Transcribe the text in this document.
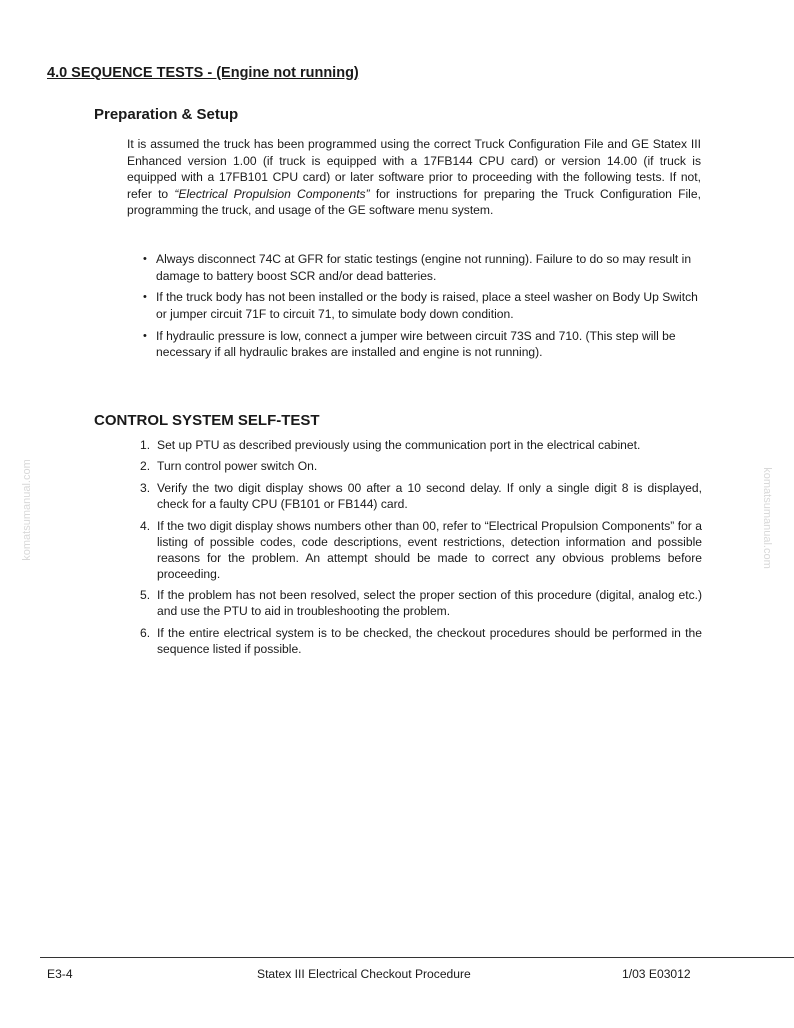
4.0 SEQUENCE TESTS - (Engine not running)
Preparation & Setup
It is assumed the truck has been programmed using the correct Truck Configuration File and GE Statex III Enhanced version 1.00 (if truck is equipped with a 17FB144 CPU card) or version 14.00 (if truck is equipped with a 17FB101 CPU card) or later software prior to proceeding with the following tests. If not, refer to “Electrical Propulsion Components” for instructions for preparing the Truck Configuration File, programming the truck, and usage of the GE software menu system.
• Always disconnect 74C at GFR for static testings (engine not running). Failure to do so may result in damage to battery boost SCR and/or dead batteries.
• If the truck body has not been installed or the body is raised, place a steel washer on Body Up Switch or jumper circuit 71F to circuit 71, to simulate body down condition.
• If hydraulic pressure is low, connect a jumper wire between circuit 73S and 710. (This step will be necessary if all hydraulic brakes are installed and engine is not running).
CONTROL SYSTEM SELF-TEST
1. Set up PTU as described previously using the communication port in the electrical cabinet.
2. Turn control power switch On.
3. Verify the two digit display shows 00 after a 10 second delay. If only a single digit 8 is displayed, check for a faulty CPU (FB101 or FB144) card.
4. If the two digit display shows numbers other than 00, refer to “Electrical Propulsion Components” for a listing of possible codes, code descriptions, event restrictions, detection information and possible reasons for the problem. An attempt should be made to correct any obvious problems before proceeding.
5. If the problem has not been resolved, select the proper section of this procedure (digital, analog etc.) and use the PTU to aid in troubleshooting the problem.
6. If the entire electrical system is to be checked, the checkout procedures should be performed in the sequence listed if possible.
komatsumanual.com	komatsumanual.com
E3-4	Statex III Electrical Checkout Procedure	1/03 E03012
